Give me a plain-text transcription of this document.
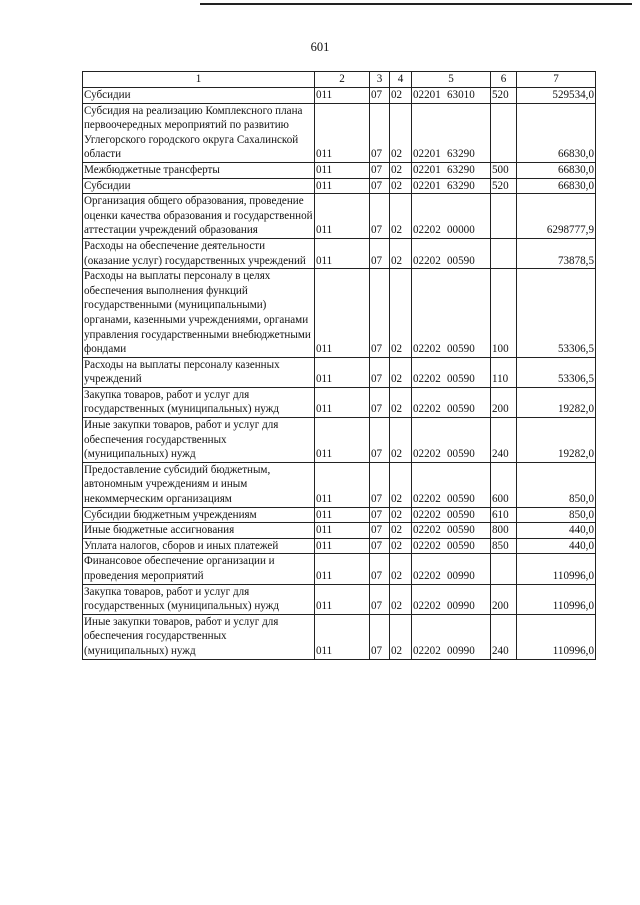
601
1	2	3	4	5	6	7
Субсидии	011	07	02	02201 63010	520	529534,0
Субсидия на реализацию Комплексного плана первоочередных мероприятий по развитию Углегорского городского округа Сахалинской области	011	07	02	02201 63290		66830,0
Межбюджетные трансферты	011	07	02	02201 63290	500	66830,0
Субсидии	011	07	02	02201 63290	520	66830,0
Организация общего образования, проведение оценки качества образования и государственной аттестации учреждений образования	011	07	02	02202 00000		6298777,9
Расходы на обеспечение деятельности (оказание услуг) государственных учреждений	011	07	02	02202 00590		73878,5
Расходы на выплаты персоналу в целях обеспечения выполнения функций государственными (муниципальными) органами, казенными учреждениями, органами управления государственными внебюджетными фондами	011	07	02	02202 00590	100	53306,5
Расходы на выплаты персоналу казенных учреждений	011	07	02	02202 00590	110	53306,5
Закупка товаров, работ и услуг для государственных (муниципальных) нужд	011	07	02	02202 00590	200	19282,0
Иные закупки товаров, работ и услуг для обеспечения государственных (муниципальных) нужд	011	07	02	02202 00590	240	19282,0
Предоставление субсидий бюджетным, автономным учреждениям и иным некоммерческим организациям	011	07	02	02202 00590	600	850,0
Субсидии бюджетным учреждениям	011	07	02	02202 00590	610	850,0
Иные бюджетные ассигнования	011	07	02	02202 00590	800	440,0
Уплата налогов, сборов и иных платежей	011	07	02	02202 00590	850	440,0
Финансовое обеспечение организации и проведения мероприятий	011	07	02	02202 00990		110996,0
Закупка товаров, работ и услуг для государственных (муниципальных) нужд	011	07	02	02202 00990	200	110996,0
Иные закупки товаров, работ и услуг для обеспечения государственных (муниципальных) нужд	011	07	02	02202 00990	240	110996,0
